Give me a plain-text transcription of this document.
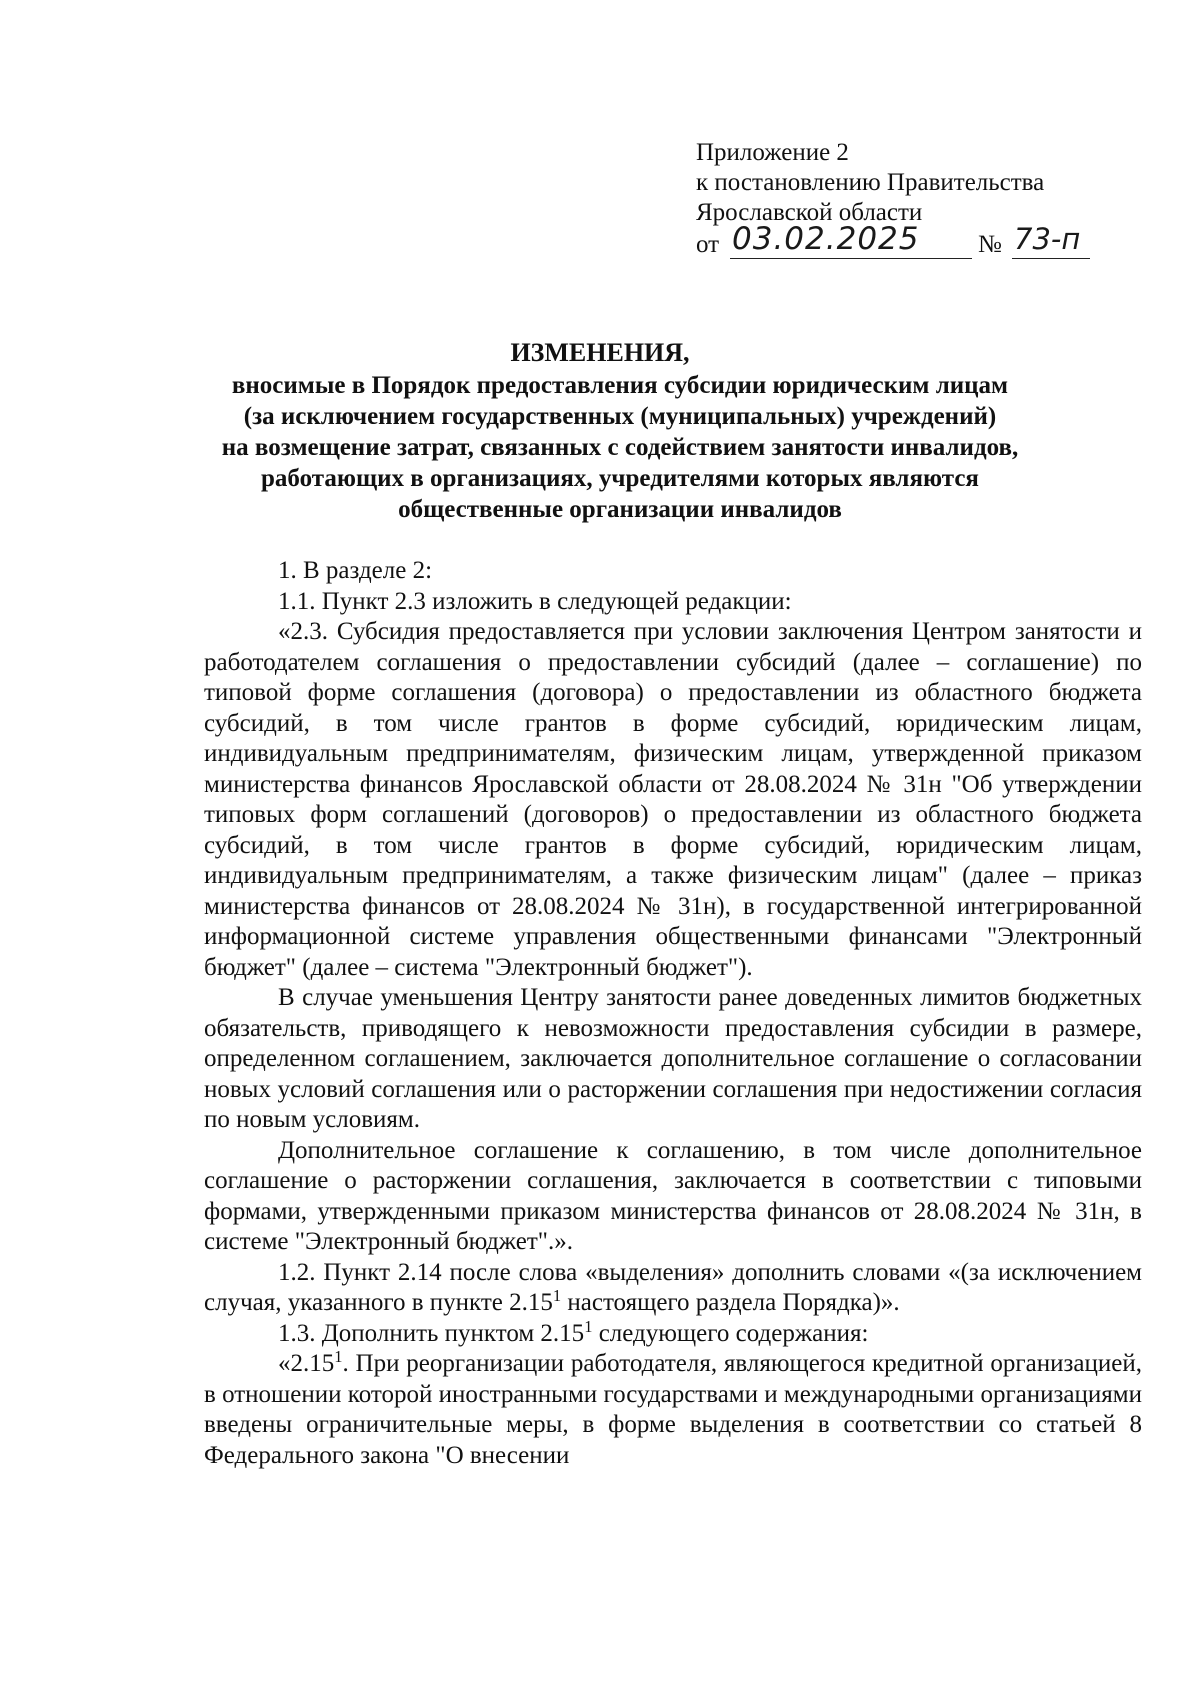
Приложение 2
к постановлению Правительства
Ярославской области
от 03.02.2025 № 73-п
ИЗМЕНЕНИЯ,
вносимые в Порядок предоставления субсидии юридическим лицам
(за исключением государственных (муниципальных) учреждений)
на возмещение затрат, связанных с содействием занятости инвалидов,
работающих в организациях, учредителями которых являются
общественные организации инвалидов

1. В разделе 2:

1.1. Пункт 2.3 изложить в следующей редакции:

«2.3. Субсидия предоставляется при условии заключения Центром занятости и работодателем соглашения о предоставлении субсидий (далее – соглашение) по типовой форме соглашения (договора) о предоставлении из областного бюджета субсидий, в том числе грантов в форме субсидий, юридическим лицам, индивидуальным предпринимателям, физическим лицам, утвержденной приказом министерства финансов Ярославской области от 28.08.2024 № 31н "Об утверждении типовых форм соглашений (договоров) о предоставлении из областного бюджета субсидий, в том числе грантов в форме субсидий, юридическим лицам, индивидуальным предпринимателям, а также физическим лицам" (далее – приказ министерства финансов от 28.08.2024 № 31н), в государственной интегрированной информационной системе управления общественными финансами "Электронный бюджет" (далее – система "Электронный бюджет").

В случае уменьшения Центру занятости ранее доведенных лимитов бюджетных обязательств, приводящего к невозможности предоставления субсидии в размере, определенном соглашением, заключается дополнительное соглашение о согласовании новых условий соглашения или о расторжении соглашения при недостижении согласия по новым условиям.

Дополнительное соглашение к соглашению, в том числе дополнительное соглашение о расторжении соглашения, заключается в соответствии с типовыми формами, утвержденными приказом министерства финансов от 28.08.2024 № 31н, в системе "Электронный бюджет".».

1.2. Пункт 2.14 после слова «выделения» дополнить словами «(за исключением случая, указанного в пункте 2.15$^1$ настоящего раздела Порядка)».

1.3. Дополнить пунктом 2.15$^1$ следующего содержания:

«2.15$^1$. При реорганизации работодателя, являющегося кредитной организацией, в отношении которой иностранными государствами и международными организациями введены ограничительные меры, в форме выделения в соответствии со статьей 8 Федерального закона "О внесении
